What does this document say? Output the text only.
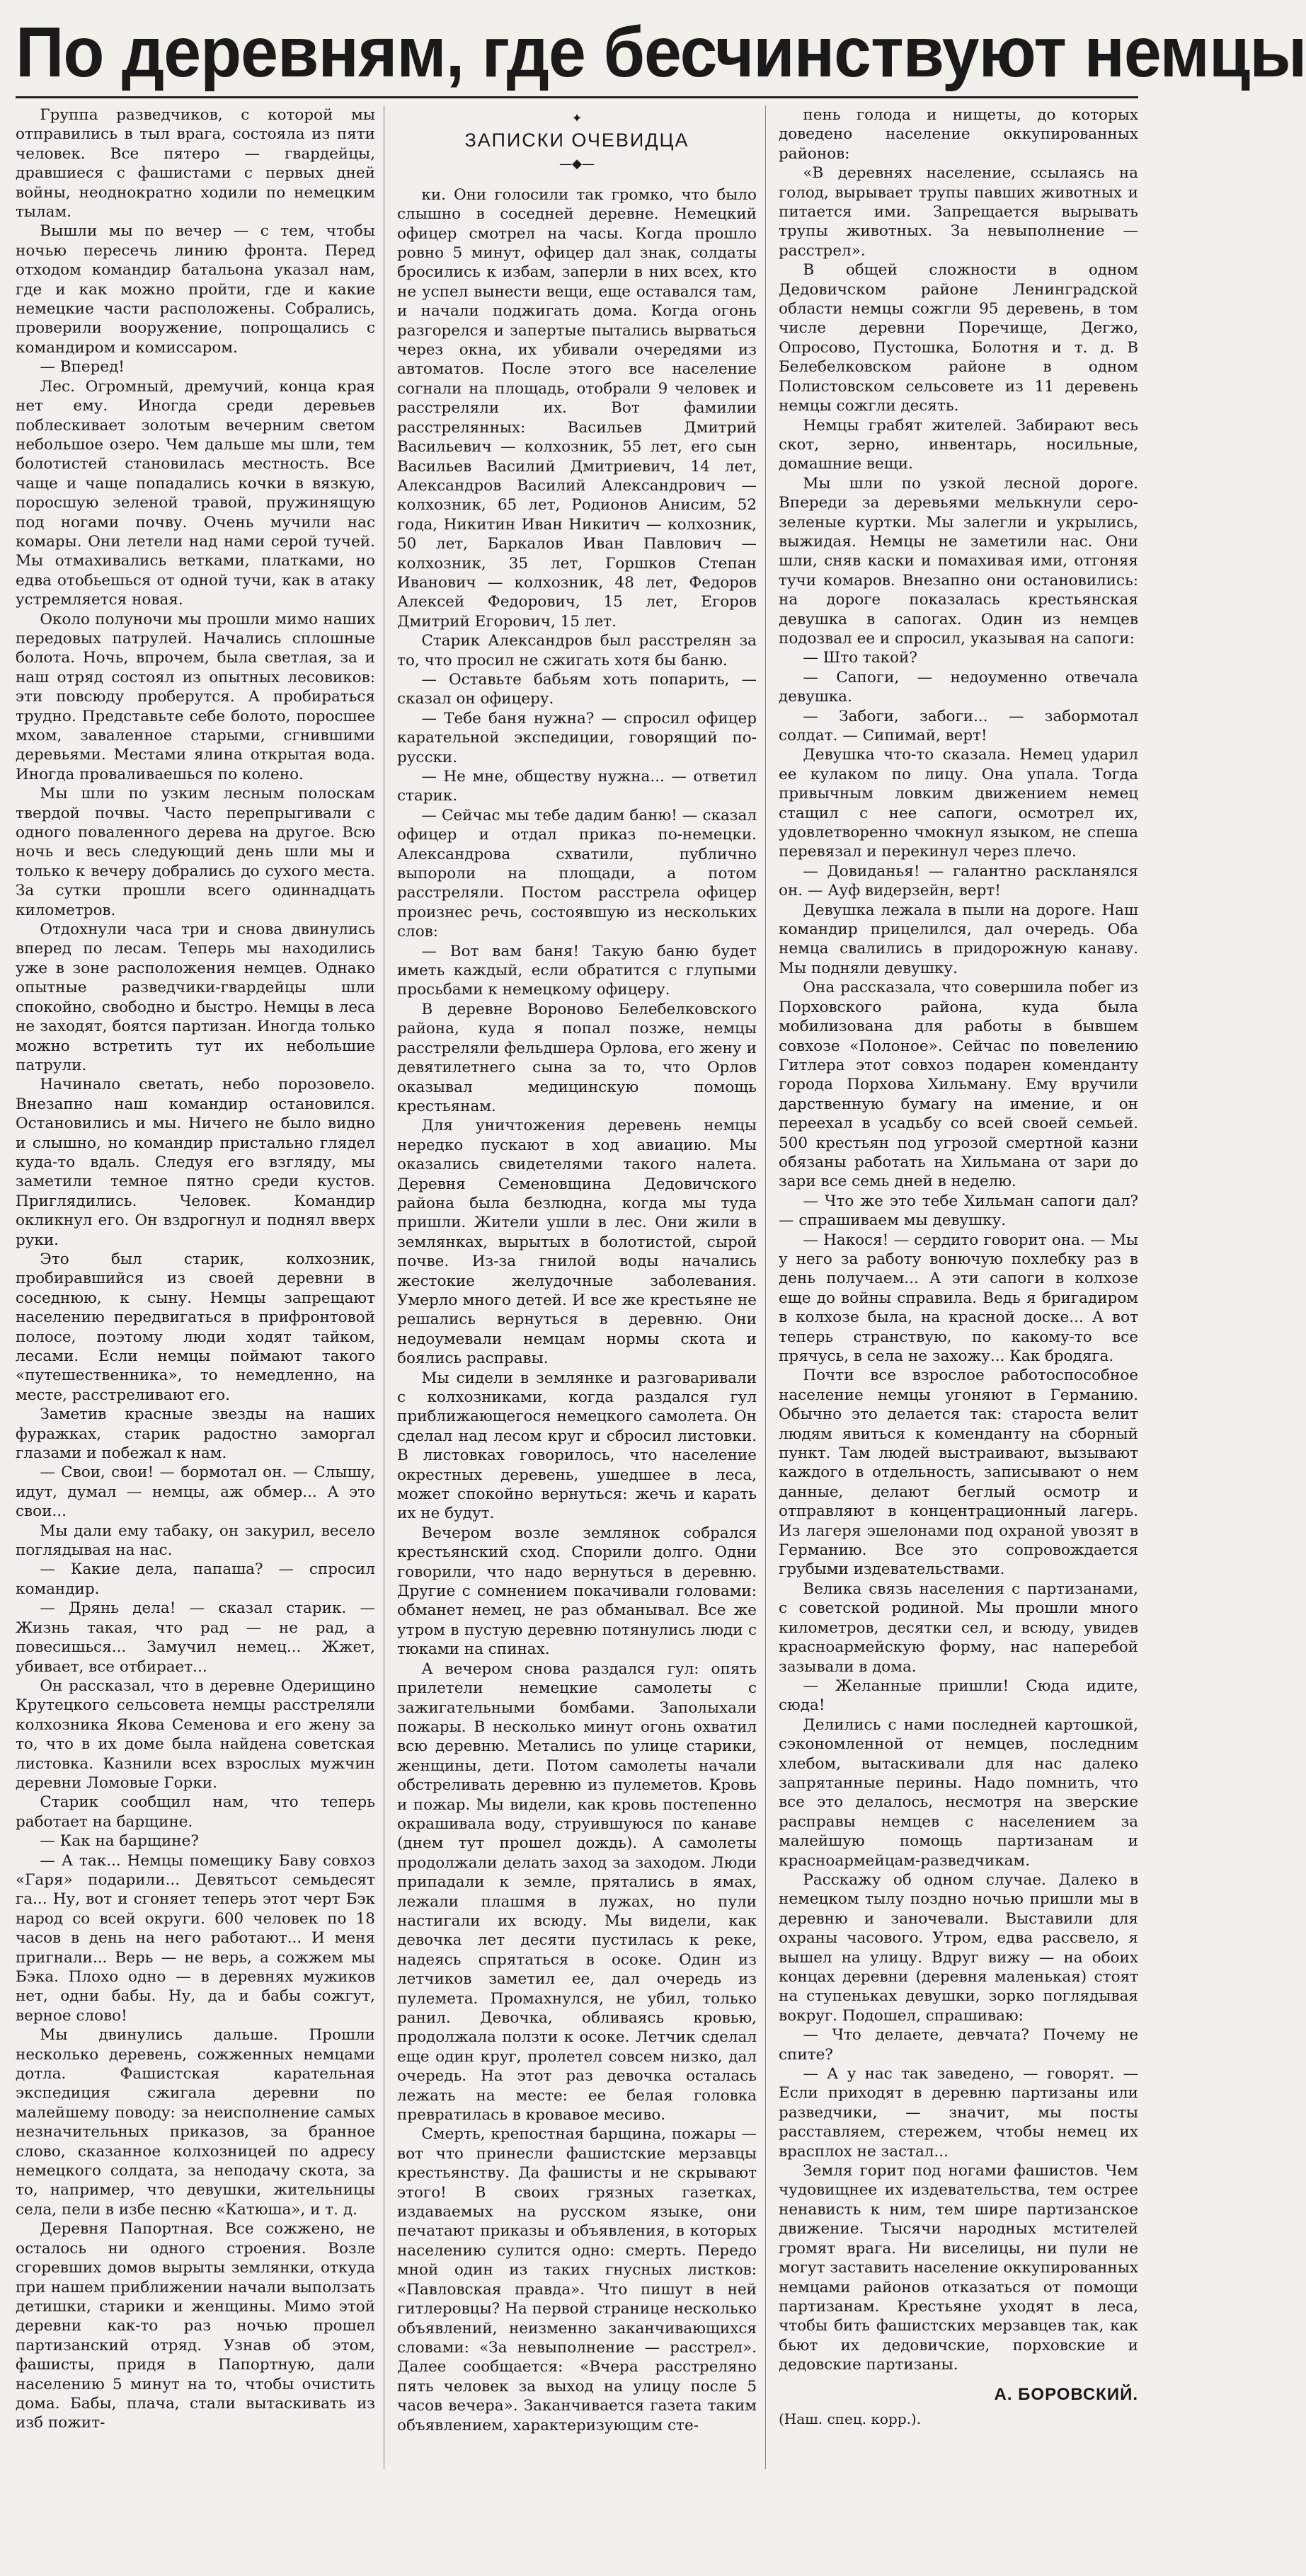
По деревням, где бесчинствуют немцы

Группа разведчиков, с которой мы отправились в тыл врага, состояла из пяти человек. Все пятеро — гвардейцы, дравшиеся с фашистами с первых дней войны, неоднократно ходили по немецким тылам.

Вышли мы по вечер — с тем, чтобы ночью пересечь линию фронта. Перед отходом командир батальона указал нам, где и как можно пройти, где и какие немецкие части расположены. Собрались, проверили вооружение, попрощались с командиром и комиссаром.

— Вперед!

Лес. Огромный, дремучий, конца края нет ему. Иногда среди деревьев поблескивает золотым вечерним светом небольшое озеро. Чем дальше мы шли, тем болотистей становилась местность. Все чаще и чаще попадались кочки в вязкую, поросшую зеленой травой, пружинящую под ногами почву. Очень мучили нас комары. Они летели над нами серой тучей. Мы отмахивались ветками, платками, но едва отобьешься от одной тучи, как в атаку устремляется новая.

Около полуночи мы прошли мимо наших передовых патрулей. Начались сплошные болота. Ночь, впрочем, была светлая, за и наш отряд состоял из опытных лесовиков: эти повсюду проберутся. А пробираться трудно. Представьте себе болото, поросшее мхом, заваленное старыми, сгнившими деревьями. Местами ялина открытая вода. Иногда проваливаешься по колено.

Мы шли по узким лесным полоскам твердой почвы. Часто перепрыгивали с одного поваленного дерева на другое. Всю ночь и весь следующий день шли мы и только к вечеру добрались до сухого места. За сутки прошли всего одиннадцать километров.

Отдохнули часа три и снова двинулись вперед по лесам. Теперь мы находились уже в зоне расположения немцев. Однако опытные разведчики-гвардейцы шли спокойно, свободно и быстро. Немцы в леса не заходят, боятся партизан. Иногда только можно встретить тут их небольшие патрули.

Начинало светать, небо порозовело. Внезапно наш командир остановился. Остановились и мы. Ничего не было видно и слышно, но командир пристально глядел куда-то вдаль. Следуя его взгляду, мы заметили темное пятно среди кустов. Приглядились. Человек. Командир окликнул его. Он вздрогнул и поднял вверх руки.

Это был старик, колхозник, пробиравшийся из своей деревни в соседнюю, к сыну. Немцы запрещают населению передвигаться в прифронтовой полосе, поэтому люди ходят тайком, лесами. Если немцы поймают такого «путешественника», то немедленно, на месте, расстреливают его.

Заметив красные звезды на наших фуражках, старик радостно заморгал глазами и побежал к нам.

— Свои, свои! — бормотал он. — Слышу, идут, думал — немцы, аж обмер... А это свои...

Мы дали ему табаку, он закурил, весело поглядывая на нас.

— Какие дела, папаша? — спросил командир.

— Дрянь дела! — сказал старик. — Жизнь такая, что рад — не рад, а повесишься... Замучил немец... Жжет, убивает, все отбирает...

Он рассказал, что в деревне Одерищино Крутецкого сельсовета немцы расстреляли колхозника Якова Семенова и его жену за то, что в их доме была найдена советская листовка. Казнили всех взрослых мужчин деревни Ломовые Горки.

Старик сообщил нам, что теперь работает на барщине.

— Как на барщине?

— А так... Немцы помещику Баву совхоз «Гаря» подарили... Девятьсот семьдесят га... Ну, вот и сгоняет теперь этот черт Бэк народ со всей округи. 600 человек по 18 часов в день на него работают... И меня пригнали... Верь — не верь, а сожжем мы Бэка. Плохо одно — в деревнях мужиков нет, одни бабы. Ну, да и бабы сожгут, верное слово!

Мы двинулись дальше. Прошли несколько деревень, сожженных немцами дотла. Фашистская карательная экспедиция сжигала деревни по малейшему поводу: за неисполнение самых незначительных приказов, за бранное слово, сказанное колхозницей по адресу немецкого солдата, за неподачу скота, за то, например, что девушки, жительницы села, пели в избе песню «Катюша», и т. д.

Деревня Папортная. Все сожжено, не осталось ни одного строения. Возле сгоревших домов вырыты землянки, откуда при нашем приближении начали выползать детишки, старики и женщины. Мимо этой деревни как-то раз ночью прошел партизанский отряд. Узнав об этом, фашисты, придя в Папортную, дали населению 5 минут на то, чтобы очистить дома. Бабы, плача, стали вытаскивать из изб пожит-

✦
ЗАПИСКИ ОЧЕВИДЦА
—◆—

ки. Они голосили так громко, что было слышно в соседней деревне. Немецкий офицер смотрел на часы. Когда прошло ровно 5 минут, офицер дал знак, солдаты бросились к избам, заперли в них всех, кто не успел вынести вещи, еще оставался там, и начали поджигать дома. Когда огонь разгорелся и запертые пытались вырваться через окна, их убивали очередями из автоматов. После этого все население согнали на площадь, отобрали 9 человек и расстреляли их. Вот фамилии расстрелянных: Васильев Дмитрий Васильевич — колхозник, 55 лет, его сын Васильев Василий Дмитриевич, 14 лет, Александров Василий Александрович — колхозник, 65 лет, Родионов Анисим, 52 года, Никитин Иван Никитич — колхозник, 50 лет, Баркалов Иван Павлович — колхозник, 35 лет, Горшков Степан Иванович — колхозник, 48 лет, Федоров Алексей Федорович, 15 лет, Егоров Дмитрий Егорович, 15 лет.

Старик Александров был расстрелян за то, что просил не сжигать хотя бы баню.

— Оставьте бабьям хоть попарить, — сказал он офицеру.

— Тебе баня нужна? — спросил офицер карательной экспедиции, говорящий по-русски.

— Не мне, обществу нужна... — ответил старик.

— Сейчас мы тебе дадим баню! — сказал офицер и отдал приказ по-немецки. Александрова схватили, публично выпороли на площади, а потом расстреляли. Постом расстрела офицер произнес речь, состоявшую из нескольких слов:

— Вот вам баня! Такую баню будет иметь каждый, если обратится с глупыми просьбами к немецкому офицеру.

В деревне Вороново Белебелковского района, куда я попал позже, немцы расстреляли фельдшера Орлова, его жену и девятилетнего сына за то, что Орлов оказывал медицинскую помощь крестьянам.

Для уничтожения деревень немцы нередко пускают в ход авиацию. Мы оказались свидетелями такого налета. Деревня Семеновщина Дедовичского района была безлюдна, когда мы туда пришли. Жители ушли в лес. Они жили в землянках, вырытых в болотистой, сырой почве. Из-за гнилой воды начались жестокие желудочные заболевания. Умерло много детей. И все же крестьяне не решались вернуться в деревню. Они недоумевали немцам нормы скота и боялись расправы.

Мы сидели в землянке и разговаривали с колхозниками, когда раздался гул приближающегося немецкого самолета. Он сделал над лесом круг и сбросил листовки. В листовках говорилось, что население окрестных деревень, ушедшее в леса, может спокойно вернуться: жечь и карать их не будут.

Вечером возле землянок собрался крестьянский сход. Спорили долго. Одни говорили, что надо вернуться в деревню. Другие с сомнением покачивали головами: обманет немец, не раз обманывал. Все же утром в пустую деревню потянулись люди с тюками на спинах.

А вечером снова раздался гул: опять прилетели немецкие самолеты с зажигательными бомбами. Заполыхали пожары. В несколько минут огонь охватил всю деревню. Метались по улице старики, женщины, дети. Потом самолеты начали обстреливать деревню из пулеметов. Кровь и пожар. Мы видели, как кровь постепенно окрашивала воду, струившуюся по канаве (днем тут прошел дождь). А самолеты продолжали делать заход за заходом. Люди припадали к земле, прятались в ямах, лежали плашмя в лужах, но пули настигали их всюду. Мы видели, как девочка лет десяти пустилась к реке, надеясь спрятаться в осоке. Один из летчиков заметил ее, дал очередь из пулемета. Промахнулся, не убил, только ранил. Девочка, обливаясь кровью, продолжала ползти к осоке. Летчик сделал еще один круг, пролетел совсем низко, дал очередь. На этот раз девочка осталась лежать на месте: ее белая головка превратилась в кровавое месиво.

Смерть, крепостная барщина, пожары — вот что принесли фашистские мерзавцы крестьянству. Да фашисты и не скрывают этого! В своих грязных газетках, издаваемых на русском языке, они печатают приказы и объявления, в которых населению сулится одно: смерть. Передо мной один из таких гнусных листков: «Павловская правда». Что пишут в ней гитлеровцы? На первой странице несколько объявлений, неизменно заканчивающихся словами: «За невыполнение — расстрел». Далее сообщается: «Вчера расстреляно пять человек за выход на улицу после 5 часов вечера». Заканчивается газета таким объявлением, характеризующим сте-

пень голода и нищеты, до которых доведено население оккупированных районов:

«В деревнях население, ссылаясь на голод, вырывает трупы павших животных и питается ими. Запрещается вырывать трупы животных. За невыполнение — расстрел».

В общей сложности в одном Дедовичском районе Ленинградской области немцы сожгли 95 деревень, в том числе деревни Поречище, Дегжо, Опросово, Пустошка, Болотня и т. д. В Белебелковском районе в одном Полистовском сельсовете из 11 деревень немцы сожгли десять.

Немцы грабят жителей. Забирают весь скот, зерно, инвентарь, носильные, домашние вещи.

Мы шли по узкой лесной дороге. Впереди за деревьями мелькнули серо-зеленые куртки. Мы залегли и укрылись, выжидая. Немцы не заметили нас. Они шли, сняв каски и помахивая ими, отгоняя тучи комаров. Внезапно они остановились: на дороге показалась крестьянская девушка в сапогах. Один из немцев подозвал ее и спросил, указывая на сапоги:

— Што такой?

— Сапоги, — недоуменно отвечала девушка.

— Забоги, забоги... — забормотал солдат. — Сипимай, верт!

Девушка что-то сказала. Немец ударил ее кулаком по лицу. Она упала. Тогда привычным ловким движением немец стащил с нее сапоги, осмотрел их, удовлетворенно чмокнул языком, не спеша перевязал и перекинул через плечо.

— Довиданья! — галантно раскланялся он. — Ауф видерзейн, верт!

Девушка лежала в пыли на дороге. Наш командир прицелился, дал очередь. Оба немца свалились в придорожную канаву. Мы подняли девушку.

Она рассказала, что совершила побег из Порховского района, куда была мобилизована для работы в бывшем совхозе «Полоное». Сейчас по повелению Гитлера этот совхоз подарен коменданту города Порхова Хильману. Ему вручили дарственную бумагу на имение, и он переехал в усадьбу со всей своей семьей. 500 крестьян под угрозой смертной казни обязаны работать на Хильмана от зари до зари все семь дней в неделю.

— Что же это тебе Хильман сапоги дал? — спрашиваем мы девушку.

— Накося! — сердито говорит она. — Мы у него за работу вонючую похлебку раз в день получаем... А эти сапоги в колхозе еще до войны справила. Ведь я бригадиром в колхозе была, на красной доске... А вот теперь странствую, по какому-то все прячусь, в села не захожу... Как бродяга.

Почти все взрослое работоспособное население немцы угоняют в Германию. Обычно это делается так: староста велит людям явиться к коменданту на сборный пункт. Там людей выстраивают, вызывают каждого в отдельность, записывают о нем данные, делают беглый осмотр и отправляют в концентрационный лагерь. Из лагеря эшелонами под охраной увозят в Германию. Все это сопровождается грубыми издевательствами.

Велика связь населения с партизанами, с советской родиной. Мы прошли много километров, десятки сел, и всюду, увидев красноармейскую форму, нас наперебой зазывали в дома.

— Желанные пришли! Сюда идите, сюда!

Делились с нами последней картошкой, сэкономленной от немцев, последним хлебом, вытаскивали для нас далеко запрятанные перины. Надо помнить, что все это делалось, несмотря на зверские расправы немцев с населением за малейшую помощь партизанам и красноармейцам-разведчикам.

Расскажу об одном случае. Далеко в немецком тылу поздно ночью пришли мы в деревню и заночевали. Выставили для охраны часового. Утром, едва рассвело, я вышел на улицу. Вдруг вижу — на обоих концах деревни (деревня маленькая) стоят на ступеньках девушки, зорко поглядывая вокруг. Подошел, спрашиваю:

— Что делаете, девчата? Почему не спите?

— А у нас так заведено, — говорят. — Если приходят в деревню партизаны или разведчики, — значит, мы посты расставляем, стережем, чтобы немец их врасплох не застал...

Земля горит под ногами фашистов. Чем чудовищнее их издевательства, тем острее ненависть к ним, тем шире партизанское движение. Тысячи народных мстителей громят врага. Ни виселицы, ни пули не могут заставить население оккупированных немцами районов отказаться от помощи партизанам. Крестьяне уходят в леса, чтобы бить фашистских мерзавцев так, как бьют их дедовичские, порховские и дедовские партизаны.

А. БОРОВСКИЙ.
(Наш. спец. корр.).
